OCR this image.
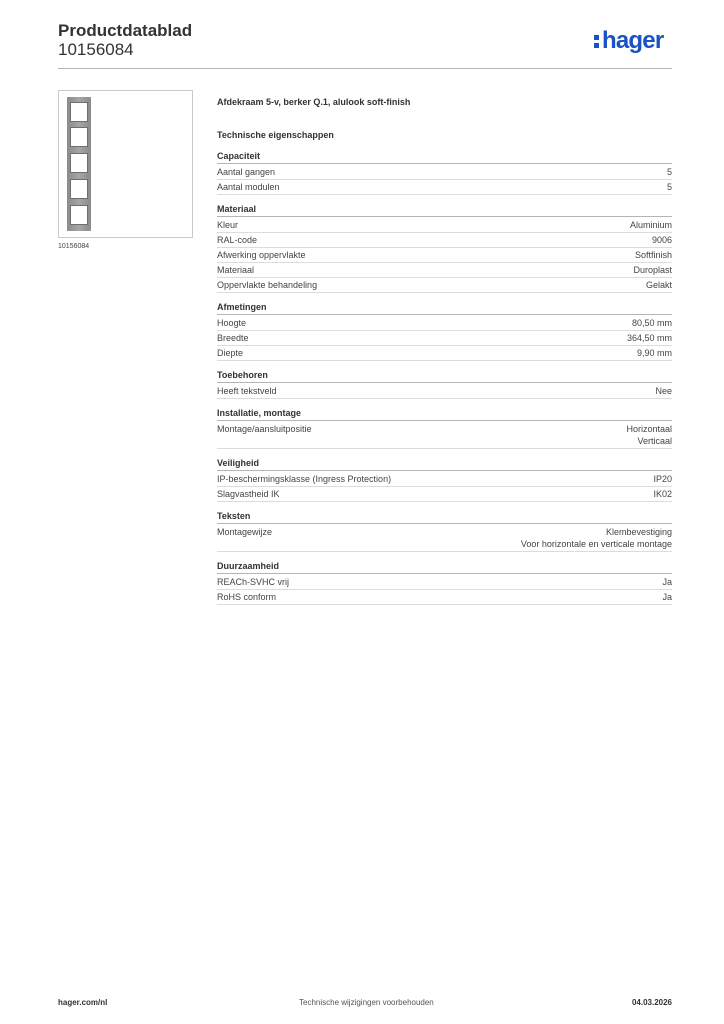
Productdatablad
10156084	hager
10156084
Afdekraam 5-v, berker Q.1, alulook soft-finish
Technische eigenschappen
Capaciteit
Aantal gangen	5
Aantal modulen	5
Materiaal
Kleur	Aluminium
RAL-code	9006
Afwerking oppervlakte	Softfinish
Materiaal	Duroplast
Oppervlakte behandeling	Gelakt
Afmetingen
Hoogte	80,50 mm
Breedte	364,50 mm
Diepte	9,90 mm
Toebehoren
Heeft tekstveld	Nee
Installatie, montage
Montage/aansluitpositie	Horizontaal
Verticaal
Veiligheid
IP-beschermingsklasse (Ingress Protection)	IP20
Slagvastheid IK	IK02
Teksten
Montagewijze	Klembevestiging
Voor horizontale en verticale montage
Duurzaamheid
REACh-SVHC vrij	Ja
RoHS conform	Ja
hager.com/nl	Technische wijzigingen voorbehouden	04.03.2026
